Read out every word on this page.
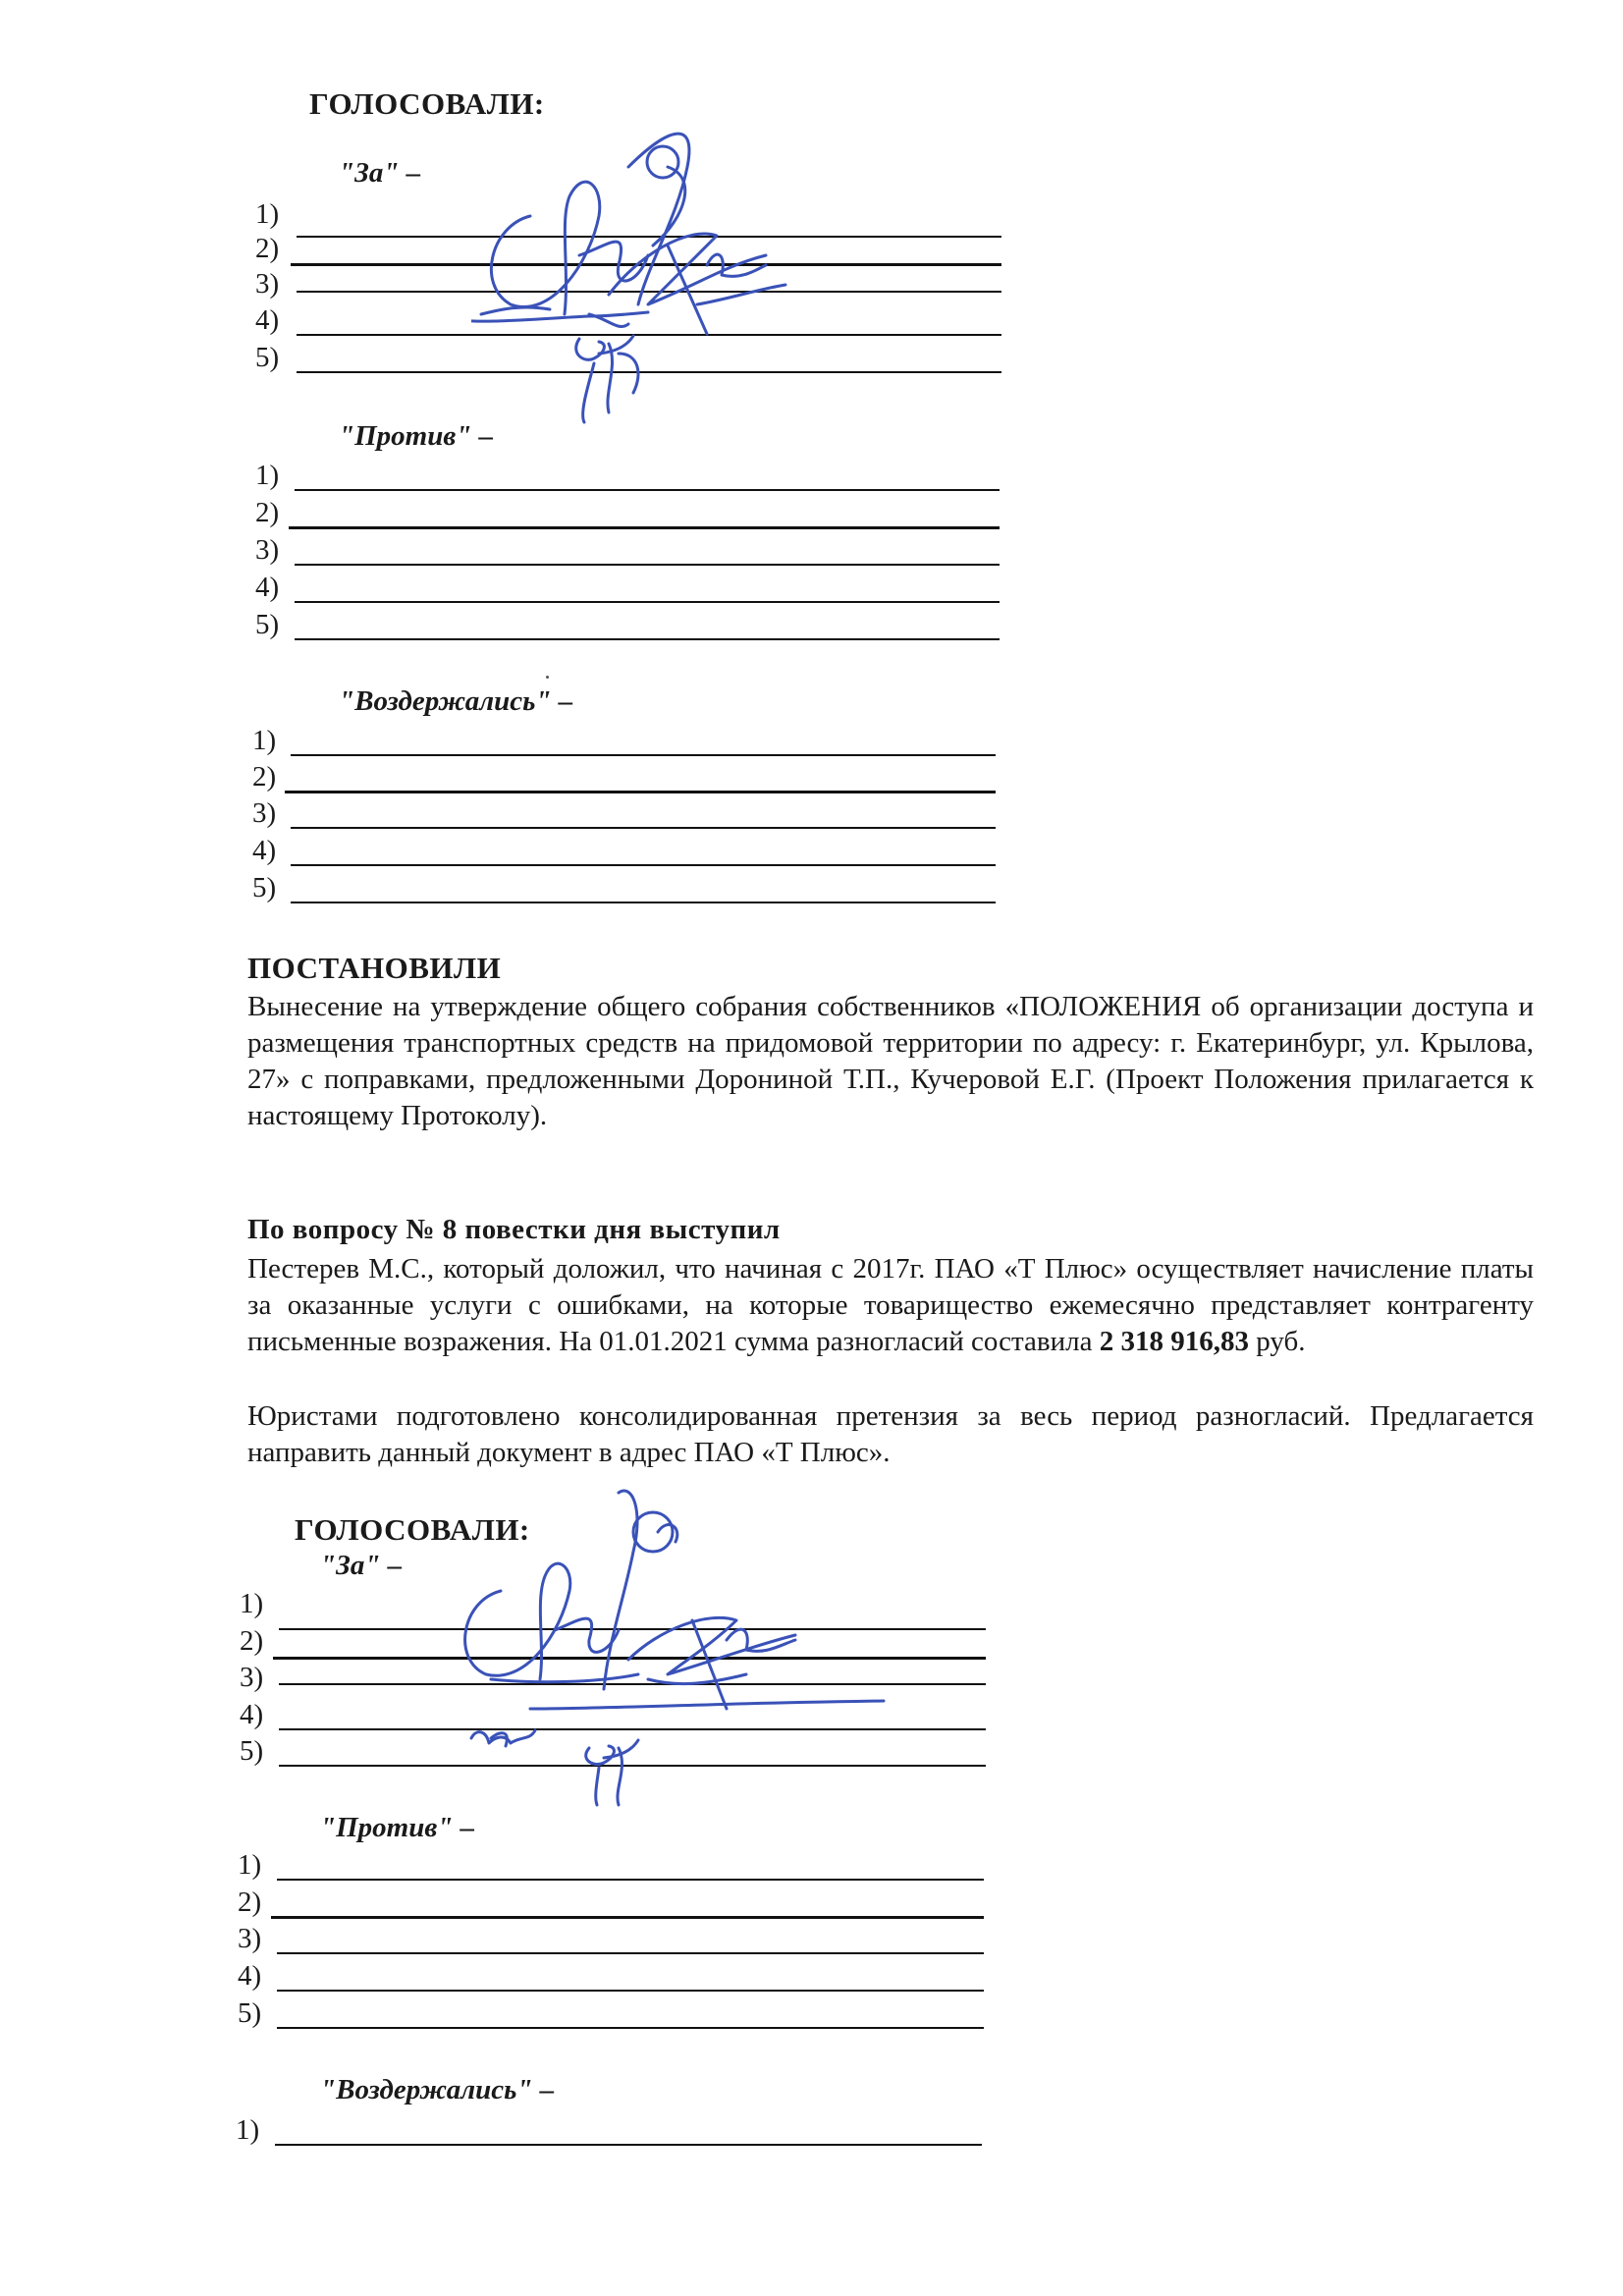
ГОЛОСОВАЛИ:
"За" –
1)
2)
3)
4)
5)
"Против" –
1)
2)
3)
4)
5)
"Воздержались" –
1)
2)
3)
4)
5)
ПОСТАНОВИЛИ
Вынесение на утверждение общего собрания собственников «ПОЛОЖЕНИЯ об организации доступа и размещения транспортных средств на придомовой территории по адресу: г. Екатеринбург, ул. Крылова, 27» с поправками, предложенными Дорониной Т.П., Кучеровой Е.Г. (Проект Положения прилагается к настоящему Протоколу).
По вопросу № 8 повестки дня выступил
Пестерев М.С., который доложил, что начиная с 2017г. ПАО «Т Плюс» осуществляет начисление платы за оказанные услуги с ошибками, на которые товарищество ежемесячно представляет контрагенту письменные возражения. На 01.01.2021 сумма разногласий составила 2 318 916,83 руб.
Юристами подготовлено консолидированная претензия за весь период разногласий. Предлагается направить данный документ в адрес ПАО «Т Плюс».
ГОЛОСОВАЛИ:
"За" –
1)
2)
3)
4)
5)
"Против" –
1)
2)
3)
4)
5)
"Воздержались" –
1)
